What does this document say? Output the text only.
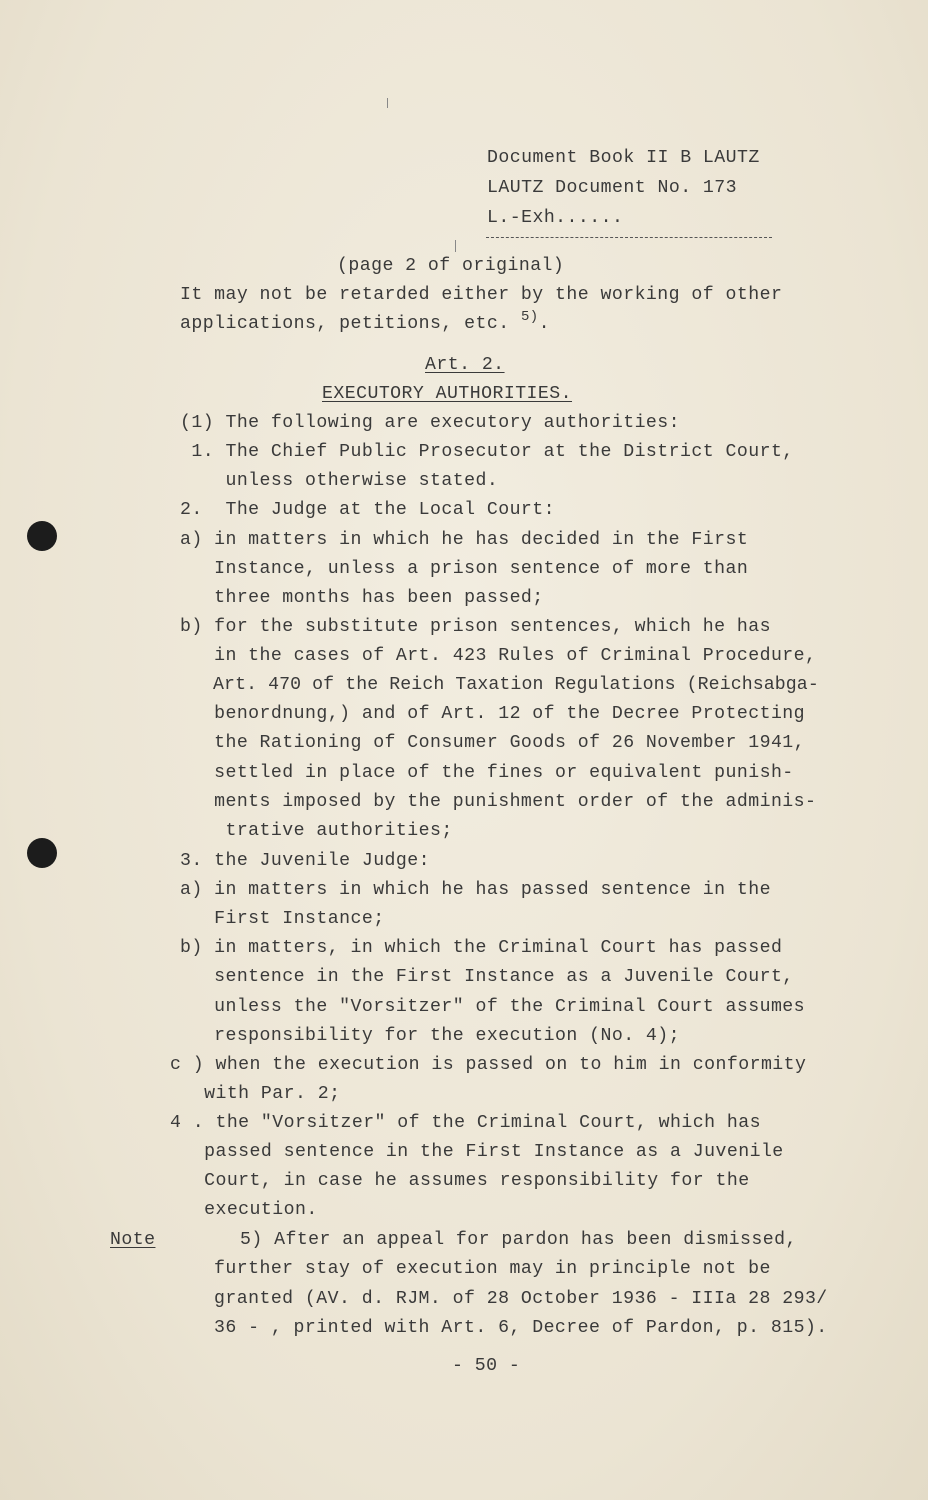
Document Book II B LAUTZ
LAUTZ Document No. 173
L.-Exh......
(page 2 of original)
It may not be retarded either by the working of other
applications, petitions, etc. $^{5)}$.
Art. 2.
EXECUTORY AUTHORITIES.
(1) The following are executory authorities:
1. The Chief Public Prosecutor at the District Court,
unless otherwise stated.
2.  The Judge at the Local Court:
a) in matters in which he has decided in the First
Instance, unless a prison sentence of more than
three months has been passed;
b) for the substitute prison sentences, which he has
in the cases of Art. 423 Rules of Criminal Procedure,
Art. 470 of the Reich Taxation Regulations (Reichsabga-
benordnung,) and of Art. 12 of the Decree Protecting
the Rationing of Consumer Goods of 26 November 1941,
settled in place of the fines or equivalent punish-
ments imposed by the punishment order of the adminis-
trative authorities;
3. the Juvenile Judge:
a) in matters in which he has passed sentence in the
First Instance;
b) in matters, in which the Criminal Court has passed
sentence in the First Instance as a Juvenile Court,
unless the "Vorsitzer" of the Criminal Court assumes
responsibility for the execution (No. 4);
c ) when the execution is passed on to him in conformity
with Par. 2;
4 . the "Vorsitzer" of the Criminal Court, which has
passed sentence in the First Instance as a Juvenile
Court, in case he assumes responsibility for the
execution.
Note	5) After an appeal for pardon has been dismissed,
further stay of execution may in principle not be
granted (AV. d. RJM. of 28 October 1936 - IIIa 28 293/
36 - , printed with Art. 6, Decree of Pardon, p. 815).
- 50 -
